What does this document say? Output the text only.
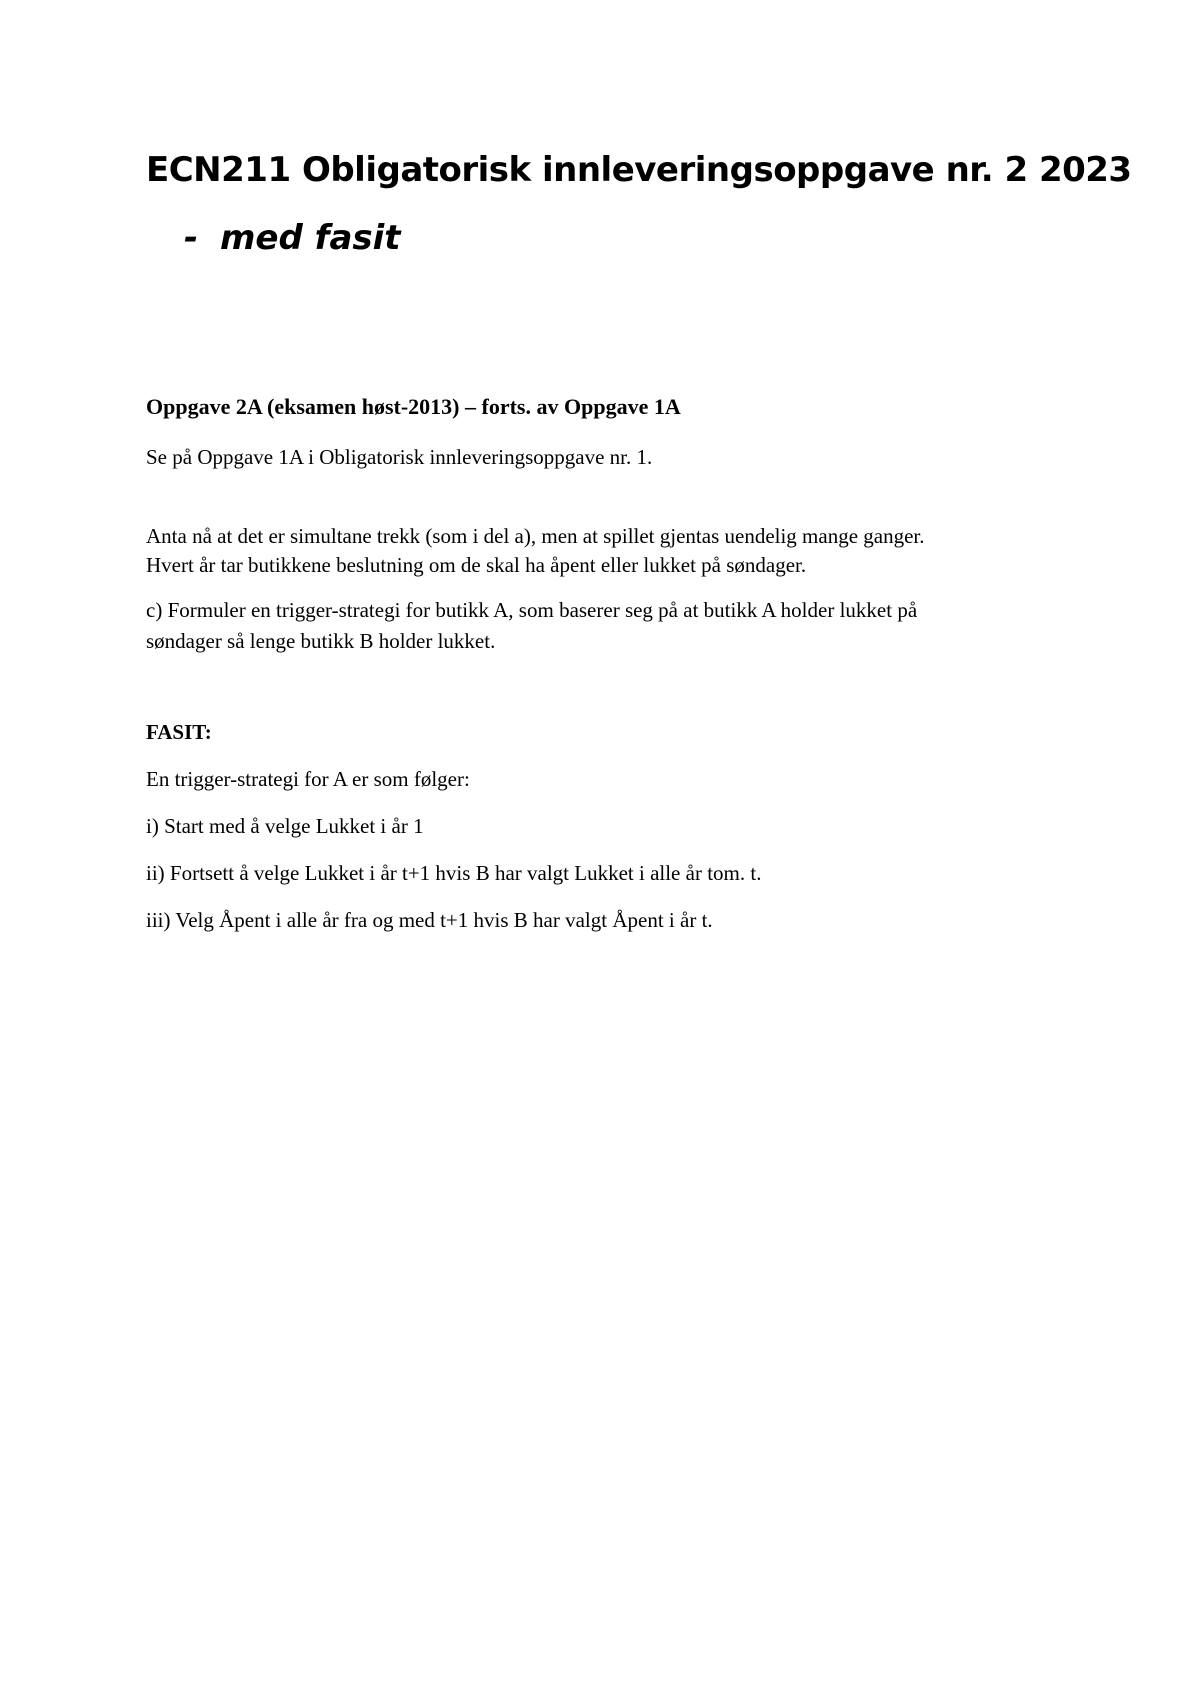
ECN211 Obligatorisk innleveringsoppgave nr. 2 2023
- med fasit

Oppgave 2A (eksamen høst-2013) – forts. av Oppgave 1A

Se på Oppgave 1A i Obligatorisk innleveringsoppgave nr. 1.

Anta nå at det er simultane trekk (som i del a), men at spillet gjentas uendelig mange ganger.

Hvert år tar butikkene beslutning om de skal ha åpent eller lukket på søndager.

c) Formuler en trigger-strategi for butikk A, som baserer seg på at butikk A holder lukket på

søndager så lenge butikk B holder lukket.

FASIT:

En trigger-strategi for A er som følger:

i) Start med å velge Lukket i år 1

ii) Fortsett å velge Lukket i år t+1 hvis B har valgt Lukket i alle år tom. t.

iii) Velg Åpent i alle år fra og med t+1 hvis B har valgt Åpent i år t.
